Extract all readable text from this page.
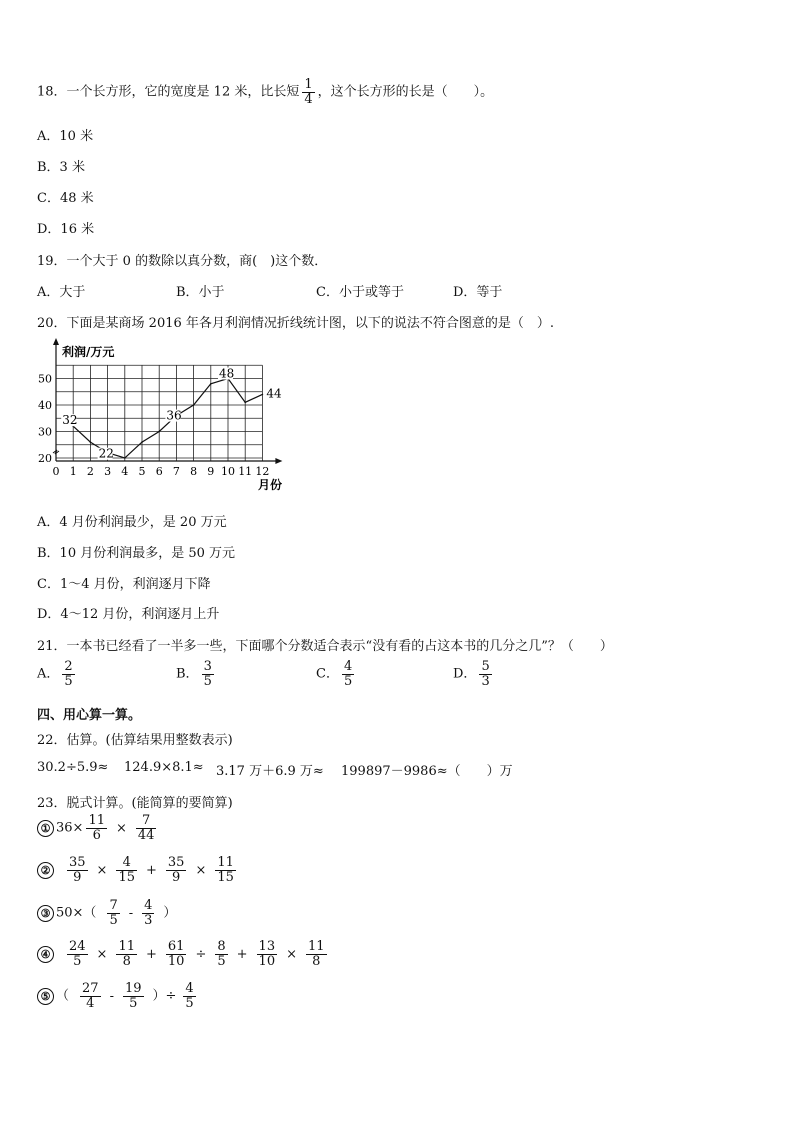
18．一个长方形，它的宽度是 12 米，比长短 $\frac{1}{4}$ ，这个长方形的长是（　　）。
A．10 米
B．3 米
C．48 米
D．16 米
19．一个大于 0 的数除以真分数，商(　)这个数．
A．大于	B．小于	C．小于或等于	D．等于
20．下面是某商场 2016 年各月利润情况折线统计图，以下的说法不符合图意的是（　）.
0 1 2 3 4 5 6 7 8 9 10 11 12
20
30
40
50
32
22
36
48
44
利润/万元
月份
A．4 月份利润最少，是 20 万元
B．10 月份利润最多，是 50 万元
C．1～4 月份，利润逐月下降
D．4～12 月份，利润逐月上升
21．一本书已经看了一半多一些，下面哪个分数适合表示“没有看的占这本书的几分之几”？（　　）
A． $\frac{2}{5}$	B． $\frac{3}{5}$	C． $\frac{4}{5}$	D． $\frac{5}{3}$
四、用心算一算。
22．估算。(估算结果用整数表示)
30.2÷5.9≈ 124.9×8.1≈ 3.17 万＋6.9 万≈ 199897－9986≈（　　）万
23．脱式计算。(能简算的要简算)
① $36\times \frac{11}{6} \times \frac{7}{44}$
② $\frac{35}{9} \times \frac{4}{15} + \frac{35}{9} \times \frac{11}{15}$
③ $50\times( \frac{7}{5} - \frac{4}{3}$ ）
④ $\frac{24}{5} \times \frac{11}{8} + \frac{61}{10} \div \frac{8}{5} + \frac{13}{10} \times \frac{11}{8}$
⑤ （ $\frac{27}{4} - \frac{19}{5}$ ）÷ $\frac{4}{5}$
